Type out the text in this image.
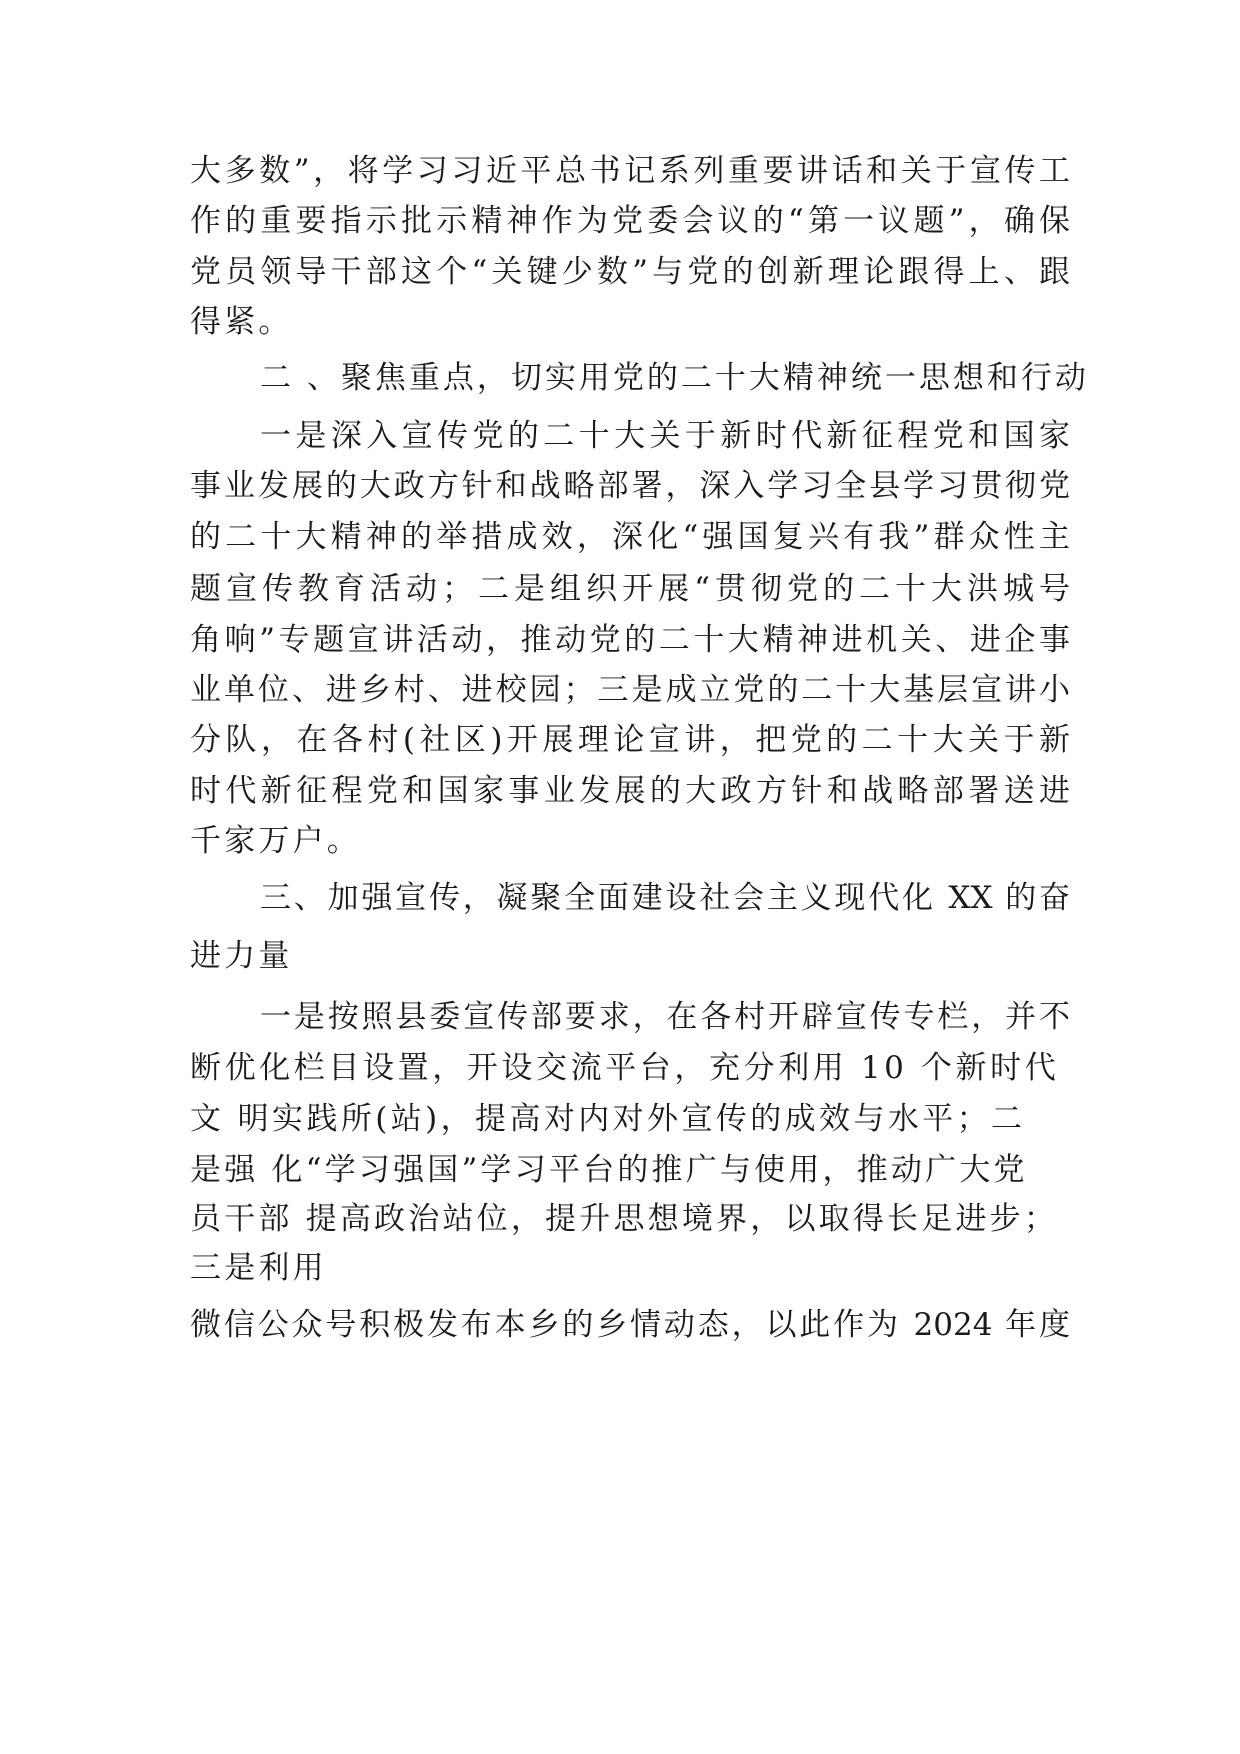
大多数”，将学习习近平总书记系列重要讲话和关于宣传工
作的重要指示批示精神作为党委会议的“第一议题”，确保
党员领导干部这个“关键少数”与党的创新理论跟得上、跟
得紧。
二 、聚焦重点，切实用党的二十大精神统一思想和行动
一是深入宣传党的二十大关于新时代新征程党和国家
事业发展的大政方针和战略部署，深入学习全县学习贯彻党
的二十大精神的举措成效，深化“强国复兴有我”群众性主
题宣传教育活动；二是组织开展“贯彻党的二十大洪城号
角响”专题宣讲活动，推动党的二十大精神进机关、进企事
业单位、进乡村、进校园；三是成立党的二十大基层宣讲小
分队，在各村(社区)开展理论宣讲，把党的二十大关于新
时代新征程党和国家事业发展的大政方针和战略部署送进
千家万户。
三、加强宣传，凝聚全面建设社会主义现代化 XX 的奋
进力量
一是按照县委宣传部要求，在各村开辟宣传专栏，并不
断优化栏目设置，开设交流平台，充分利用 10 个新时代
文 明实践所(站)，提高对内对外宣传的成效与水平；二
是强 化“学习强国”学习平台的推广与使用，推动广大党
员干部 提高政治站位，提升思想境界，以取得长足进步；
三是利用
微信公众号积极发布本乡的乡情动态，以此作为 2024 年度
